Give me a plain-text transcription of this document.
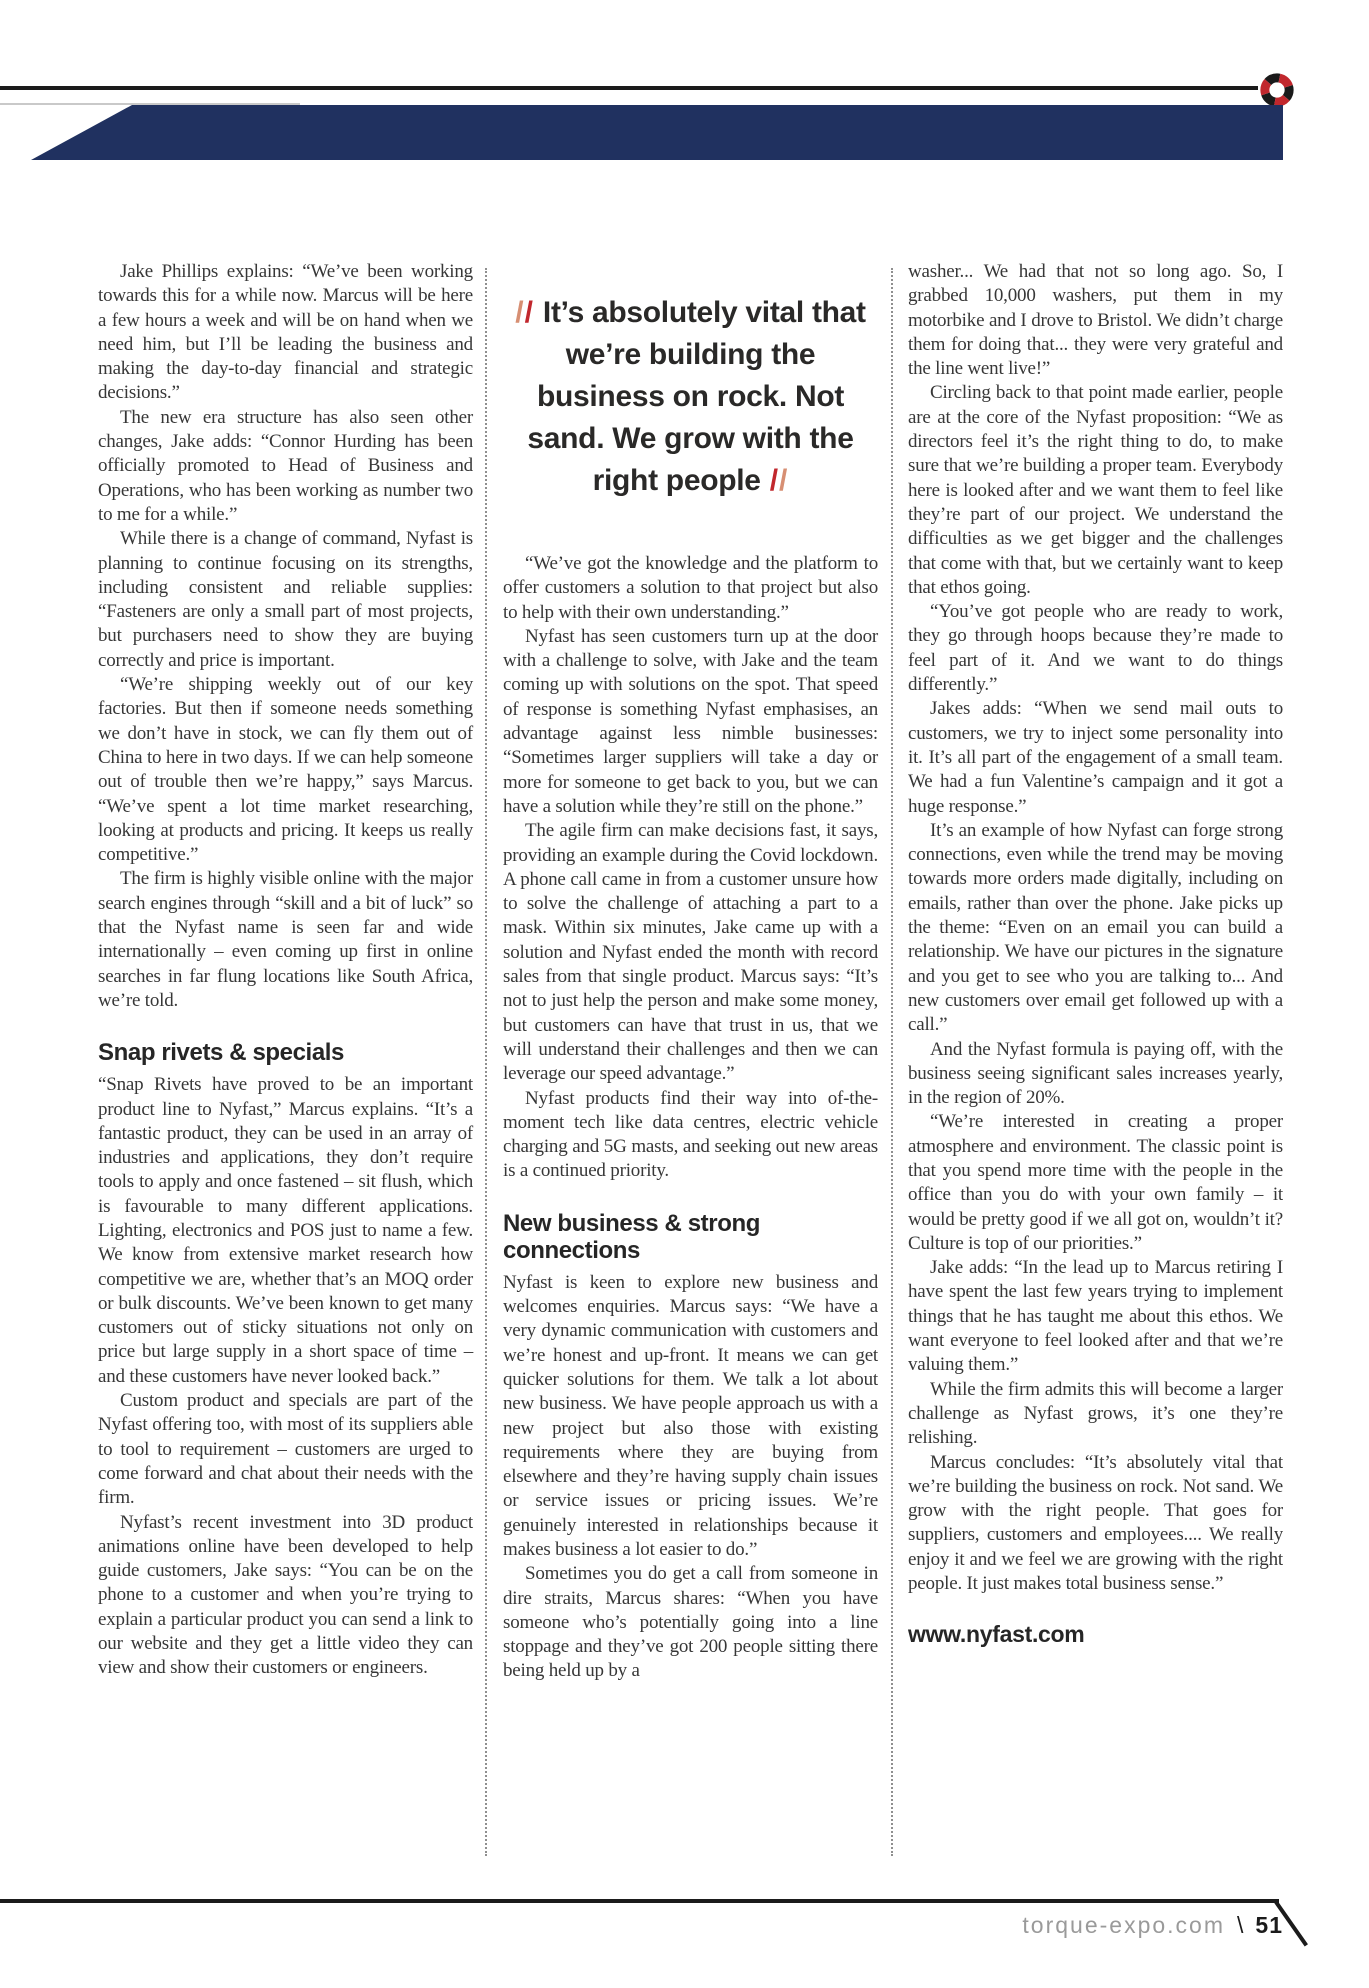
Jake Phillips explains: “We’ve been working towards this for a while now. Marcus will be here a few hours a week and will be on hand when we need him, but I’ll be leading the business and making the day-to-day financial and strategic decisions.”

The new era structure has also seen other changes, Jake adds: “Connor Hurding has been officially promoted to Head of Business and Operations, who has been working as number two to me for a while.”

While there is a change of command, Nyfast is planning to continue focusing on its strengths, including consistent and reliable supplies: “Fasteners are only a small part of most projects, but purchasers need to show they are buying correctly and price is important.

“We’re shipping weekly out of our key factories. But then if someone needs something we don’t have in stock, we can fly them out of China to here in two days. If we can help someone out of trouble then we’re happy,” says Marcus. “We’ve spent a lot time market researching, looking at products and pricing. It keeps us really competitive.”

The firm is highly visible online with the major search engines through “skill and a bit of luck” so that the Nyfast name is seen far and wide internationally – even coming up first in online searches in far flung locations like South Africa, we’re told.

Snap rivets & specials

“Snap Rivets have proved to be an important product line to Nyfast,” Marcus explains. “It’s a fantastic product, they can be used in an array of industries and applications, they don’t require tools to apply and once fastened – sit flush, which is favourable to many different applications. Lighting, electronics and POS just to name a few. We know from extensive market research how competitive we are, whether that’s an MOQ order or bulk discounts. We’ve been known to get many customers out of sticky situations not only on price but large supply in a short space of time – and these customers have never looked back.”

Custom product and specials are part of the Nyfast offering too, with most of its suppliers able to tool to requirement – customers are urged to come forward and chat about their needs with the firm.

Nyfast’s recent investment into 3D product animations online have been developed to help guide customers, Jake says: “You can be on the phone to a customer and when you’re trying to explain a particular product you can send a link to our website and they get a little video they can view and show their customers or engineers.

// It’s absolutely vital that we’re building the business on rock. Not sand. We grow with the right people //

“We’ve got the knowledge and the platform to offer customers a solution to that project but also to help with their own understanding.”

Nyfast has seen customers turn up at the door with a challenge to solve, with Jake and the team coming up with solutions on the spot. That speed of response is something Nyfast emphasises, an advantage against less nimble businesses: “Sometimes larger suppliers will take a day or more for someone to get back to you, but we can have a solution while they’re still on the phone.”

The agile firm can make decisions fast, it says, providing an example during the Covid lockdown. A phone call came in from a customer unsure how to solve the challenge of attaching a part to a mask. Within six minutes, Jake came up with a solution and Nyfast ended the month with record sales from that single product. Marcus says: “It’s not to just help the person and make some money, but customers can have that trust in us, that we will understand their challenges and then we can leverage our speed advantage.”

Nyfast products find their way into of-the-moment tech like data centres, electric vehicle charging and 5G masts, and seeking out new areas is a continued priority.

New business & strong connections

Nyfast is keen to explore new business and welcomes enquiries. Marcus says: “We have a very dynamic communication with customers and we’re honest and up-front. It means we can get quicker solutions for them. We talk a lot about new business. We have people approach us with a new project but also those with existing requirements where they are buying from elsewhere and they’re having supply chain issues or service issues or pricing issues. We’re genuinely interested in relationships because it makes business a lot easier to do.”

Sometimes you do get a call from someone in dire straits, Marcus shares: “When you have someone who’s potentially going into a line stoppage and they’ve got 200 people sitting there being held up by a

washer... We had that not so long ago. So, I grabbed 10,000 washers, put them in my motorbike and I drove to Bristol. We didn’t charge them for doing that... they were very grateful and the line went live!”

Circling back to that point made earlier, people are at the core of the Nyfast proposition: “We as directors feel it’s the right thing to do, to make sure that we’re building a proper team. Everybody here is looked after and we want them to feel like they’re part of our project. We understand the difficulties as we get bigger and the challenges that come with that, but we certainly want to keep that ethos going.

“You’ve got people who are ready to work, they go through hoops because they’re made to feel part of it. And we want to do things differently.”

Jakes adds: “When we send mail outs to customers, we try to inject some personality into it. It’s all part of the engagement of a small team. We had a fun Valentine’s campaign and it got a huge response.”

It’s an example of how Nyfast can forge strong connections, even while the trend may be moving towards more orders made digitally, including on emails, rather than over the phone. Jake picks up the theme: “Even on an email you can build a relationship. We have our pictures in the signature and you get to see who you are talking to... And new customers over email get followed up with a call.”

And the Nyfast formula is paying off, with the business seeing significant sales increases yearly, in the region of 20%.

“We’re interested in creating a proper atmosphere and environment. The classic point is that you spend more time with the people in the office than you do with your own family – it would be pretty good if we all got on, wouldn’t it? Culture is top of our priorities.”

Jake adds: “In the lead up to Marcus retiring I have spent the last few years trying to implement things that he has taught me about this ethos. We want everyone to feel looked after and that we’re valuing them.”

While the firm admits this will become a larger challenge as Nyfast grows, it’s one they’re relishing.

Marcus concludes: “It’s absolutely vital that we’re building the business on rock. Not sand. We grow with the right people. That goes for suppliers, customers and employees.... We really enjoy it and we feel we are growing with the right people. It just makes total business sense.”

www.nyfast.com
torque-expo.com \ 51
